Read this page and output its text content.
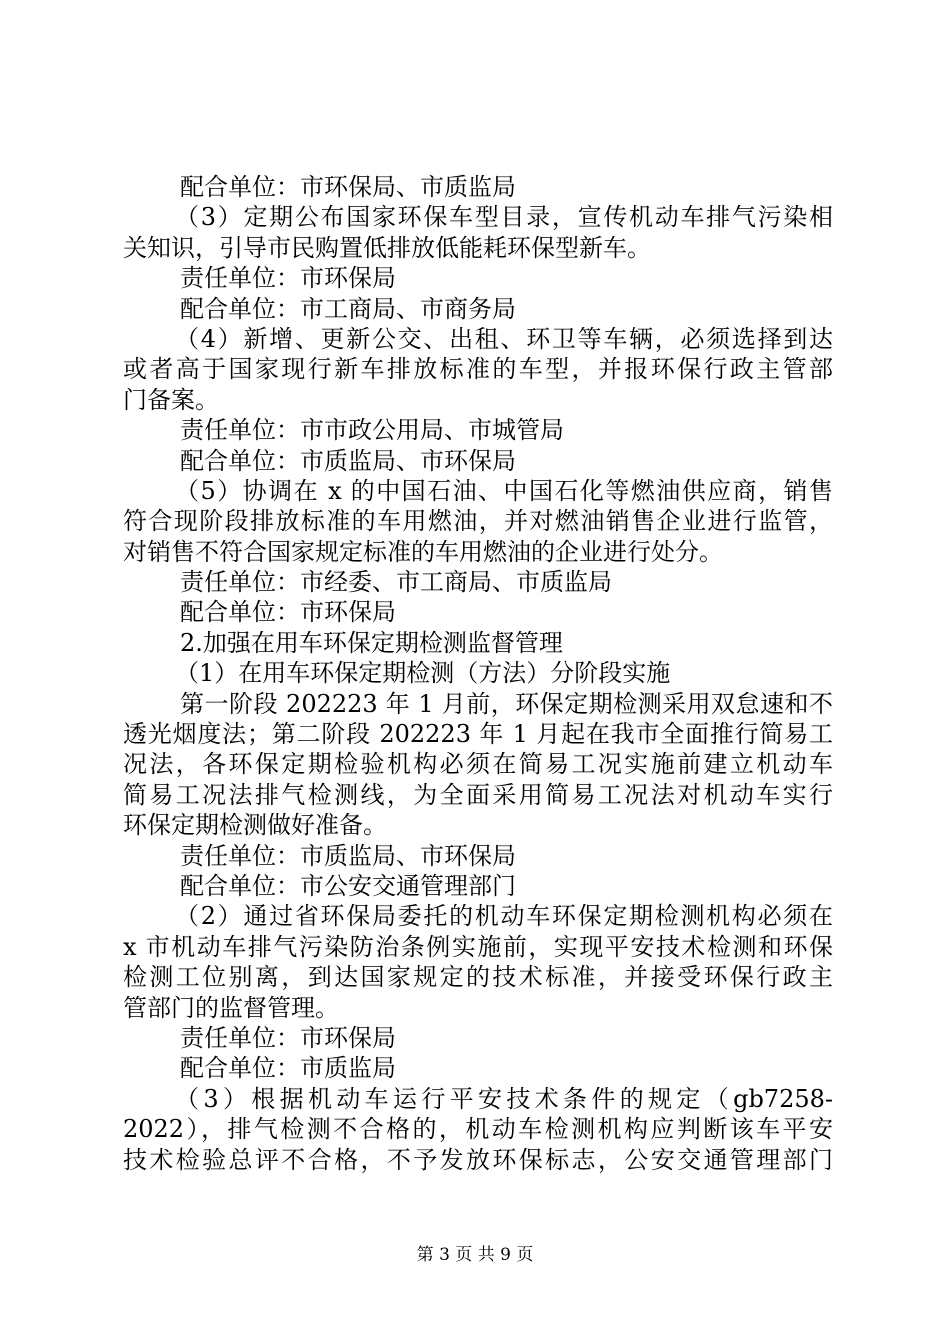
配合单位：市环保局、市质监局
（3）定期公布国家环保车型目录，宣传机动车排气污染相
关知识，引导市民购置低排放低能耗环保型新车。
责任单位：市环保局
配合单位：市工商局、市商务局
（4）新增、更新公交、出租、环卫等车辆，必须选择到达
或者高于国家现行新车排放标准的车型，并报环保行政主管部
门备案。
责任单位：市市政公用局、市城管局
配合单位：市质监局、市环保局
（5）协调在 x 的中国石油、中国石化等燃油供应商，销售
符合现阶段排放标准的车用燃油，并对燃油销售企业进行监管，
对销售不符合国家规定标准的车用燃油的企业进行处分。
责任单位：市经委、市工商局、市质监局
配合单位：市环保局
2.加强在用车环保定期检测监督管理
（1）在用车环保定期检测（方法）分阶段实施
第一阶段 202223 年 1 月前，环保定期检测采用双怠速和不
透光烟度法；第二阶段 202223 年 1 月起在我市全面推行简易工
况法，各环保定期检验机构必须在简易工况实施前建立机动车
简易工况法排气检测线，为全面采用简易工况法对机动车实行
环保定期检测做好准备。
责任单位：市质监局、市环保局
配合单位：市公安交通管理部门
（2）通过省环保局委托的机动车环保定期检测机构必须在
x 市机动车排气污染防治条例实施前，实现平安技术检测和环保
检测工位别离，到达国家规定的技术标准，并接受环保行政主
管部门的监督管理。
责任单位：市环保局
配合单位：市质监局
（3）根据机动车运行平安技术条件的规定（gb7258-
2022），排气检测不合格的，机动车检测机构应判断该车平安
技术检验总评不合格，不予发放环保标志，公安交通管理部门
第 3 页 共 9 页
